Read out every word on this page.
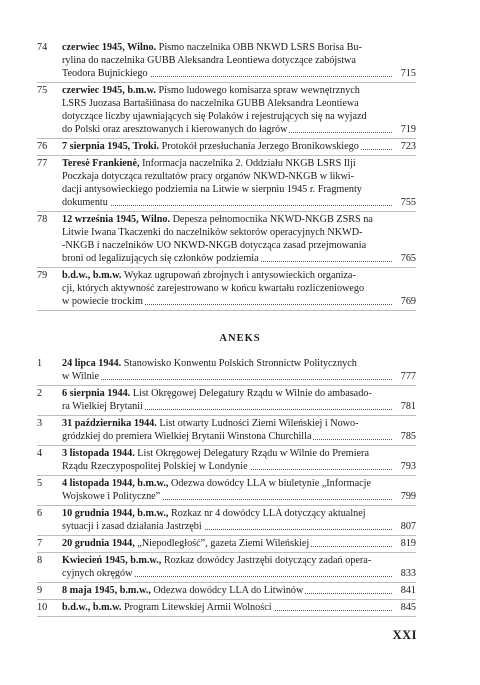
74	czerwiec 1945, Wilno. Pismo naczelnika OBB NKWD LSRS Borisa Bu-
rylina do naczelnika GUBB Aleksandra Leontiewa dotyczące zabójstwa
Teodora Bujnickiego	715
75	czerwiec 1945, b.m.w. Pismo ludowego komisarza spraw wewnętrznych
LSRS Juozasa Bartašiūnasa do naczelnika GUBB Aleksandra Leontiewa
dotyczące liczby ujawniających się Polaków i rejestrujących się na wyjazd
do Polski oraz aresztowanych i kierowanych do łagrów	719
76	7 sierpnia 1945, Troki. Protokół przesłuchania Jerzego Bronikowskiego	723
77	Teresė Frankienė, Informacja naczelnika 2. Oddziału NKGB LSRS Ilji
Poczkaja dotycząca rezultatów pracy organów NKWD-NKGB w likwi-
dacji antysowieckiego podziemia na Litwie w sierpniu 1945 r. Fragmenty
dokumentu	755
78	12 września 1945, Wilno. Depesza pełnomocnika NKWD-NKGB ZSRS na
Litwie Iwana Tkaczenki do naczelników sektorów operacyjnych NKWD-
-NKGB i naczelników UO NKWD-NKGB dotycząca zasad przejmowania
broni od legalizujących się członków podziemia	765
79	b.d.w., b.m.w. Wykaz ugrupowań zbrojnych i antysowieckich organiza-
cji, których aktywność zarejestrowano w końcu kwartału rozliczeniowego
w powiecie trockim	769
ANEKS
1	24 lipca 1944. Stanowisko Konwentu Polskich Stronnictw Politycznych
w Wilnie	777
2	6 sierpnia 1944. List Okręgowej Delegatury Rządu w Wilnie do ambasado-
ra Wielkiej Brytanii	781
3	31 października 1944. List otwarty Ludności Ziemi Wileńskiej i Nowo-
gródzkiej do premiera Wielkiej Brytanii Winstona Churchilla	785
4	3 listopada 1944. List Okręgowej Delegatury Rządu w Wilnie do Premiera
Rządu Rzeczypospolitej Polskiej w Londynie	793
5	4 listopada 1944, b.m.w., Odezwa dowódcy LLA w biuletynie „Informacje
Wojskowe i Polityczne”	799
6	10 grudnia 1944, b.m.w., Rozkaz nr 4 dowódcy LLA dotyczący aktualnej
sytuacji i zasad działania Jastrzębi	807
7	20 grudnia 1944, „Niepodległość”, gazeta Ziemi Wileńskiej	819
8	Kwiecień 1945, b.m.w., Rozkaz dowódcy Jastrzębi dotyczący zadań opera-
cyjnych okręgów	833
9	8 maja 1945, b.m.w., Odezwa dowódcy LLA do Litwinów	841
10	b.d.w., b.m.w. Program Litewskiej Armii Wolności	845
XXI
